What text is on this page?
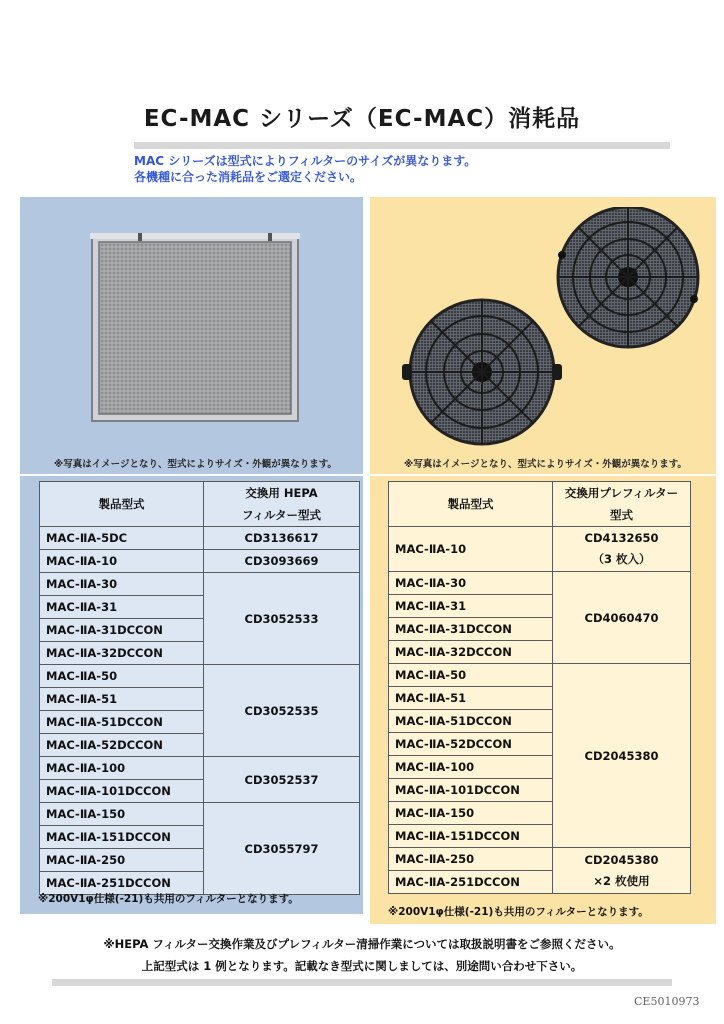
EC-MAC シリーズ（EC-MAC）消耗品
MAC シリーズは型式によりフィルターのサイズが異なります。
各機種に合った消耗品をご選定ください。
※写真はイメージとなり、型式によりサイズ・外観が異なります。	※写真はイメージとなり、型式によりサイズ・外観が異なります。
製品型式	交換用 HEPA
フィルター型式

MAC-ⅡA-5DC	CD3136617
MAC-ⅡA-10	CD3093669
MAC-ⅡA-30	CD3052533
MAC-ⅡA-31	
MAC-ⅡA-31DCCON	
MAC-ⅡA-32DCCON	
MAC-ⅡA-50	CD3052535
MAC-ⅡA-51	
MAC-ⅡA-51DCCON	
MAC-ⅡA-52DCCON	
MAC-ⅡA-100	CD3052537
MAC-ⅡA-101DCCON	
MAC-ⅡA-150	CD3055797
MAC-ⅡA-151DCCON	
MAC-ⅡA-250	
MAC-ⅡA-251DCCON	
※200V1φ仕様(-21)も共用のフィルターとなります。
製品型式	交換用プレフィルター
型式

MAC-ⅡA-10	CD4132650
（3 枚入）

MAC-ⅡA-30	CD4060470
MAC-ⅡA-31	
MAC-ⅡA-31DCCON	
MAC-ⅡA-32DCCON	
MAC-ⅡA-50	CD2045380
MAC-ⅡA-51	
MAC-ⅡA-51DCCON	
MAC-ⅡA-52DCCON	
MAC-ⅡA-100	
MAC-ⅡA-101DCCON	
MAC-ⅡA-150	
MAC-ⅡA-151DCCON	
MAC-ⅡA-250	CD2045380
×2 枚使用

MAC-ⅡA-251DCCON	
※200V1φ仕様(-21)も共用のフィルターとなります。
※HEPA フィルター交換作業及びプレフィルター清掃作業については取扱説明書をご参照ください。
上記型式は 1 例となります。記載なき型式に関しましては、別途問い合わせ下さい。
CE5010973
